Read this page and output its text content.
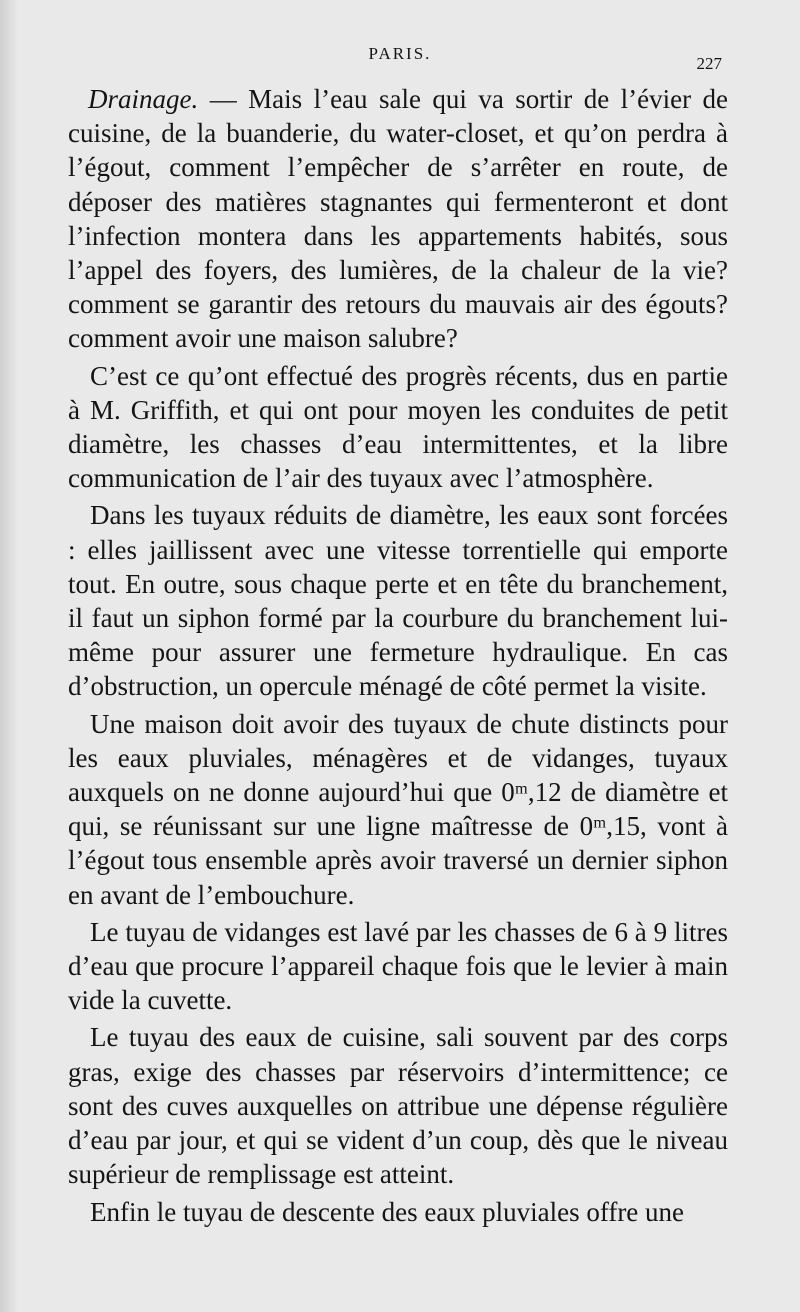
PARIS.
227

Drainage. — Mais l’eau sale qui va sortir de l’évier de cuisine, de la buanderie, du water-closet, et qu’on perdra à l’égout, comment l’empêcher de s’arrêter en route, de déposer des matières stagnantes qui fermenteront et dont l’infection montera dans les appartements habités, sous l’appel des foyers, des lumières, de la chaleur de la vie? comment se garantir des retours du mauvais air des égouts? comment avoir une maison salubre?

C’est ce qu’ont effectué des progrès récents, dus en partie à M. Griffith, et qui ont pour moyen les conduites de petit diamètre, les chasses d’eau intermittentes, et la libre communication de l’air des tuyaux avec l’atmosphère.

Dans les tuyaux réduits de diamètre, les eaux sont forcées : elles jaillissent avec une vitesse torrentielle qui emporte tout. En outre, sous chaque perte et en tête du branchement, il faut un siphon formé par la courbure du branchement lui-même pour assurer une fermeture hydraulique. En cas d’obstruction, un opercule ménagé de côté permet la visite.

Une maison doit avoir des tuyaux de chute distincts pour les eaux pluviales, ménagères et de vidanges, tuyaux auxquels on ne donne aujourd’hui que 0ᵐ,12 de diamètre et qui, se réunissant sur une ligne maîtresse de 0ᵐ,15, vont à l’égout tous ensemble après avoir traversé un dernier siphon en avant de l’embouchure.

Le tuyau de vidanges est lavé par les chasses de 6 à 9 litres d’eau que procure l’appareil chaque fois que le levier à main vide la cuvette.

Le tuyau des eaux de cuisine, sali souvent par des corps gras, exige des chasses par réservoirs d’intermittence; ce sont des cuves auxquelles on attribue une dépense régulière d’eau par jour, et qui se vident d’un coup, dès que le niveau supérieur de remplissage est atteint.

Enfin le tuyau de descente des eaux pluviales offre une
